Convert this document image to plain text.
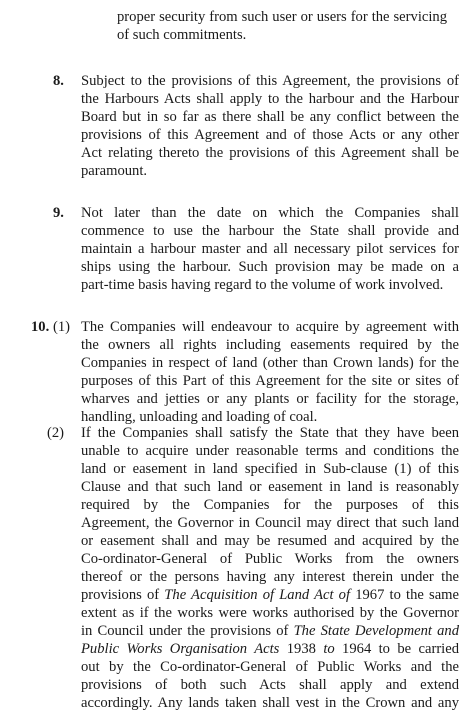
proper security from such user or users for the servicing
of such commitments.
8. Subject to the provisions of this Agreement, the provisions of
the Harbours Acts shall apply to the harbour and the Harbour
Board but in so far as there shall be any conflict between the
provisions of this Agreement and of those Acts or any other
Act relating thereto the provisions of this Agreement shall be
paramount.
9. Not later than the date on which the Companies shall
commence to use the harbour the State shall provide and
maintain a harbour master and all necessary pilot services for
ships using the harbour. Such provision may be made on a
part-time basis having regard to the volume of work involved.
10. (1) The Companies will endeavour to acquire by agreement with
the owners all rights including easements required by the
Companies in respect of land (other than Crown lands) for the
purposes of this Part of this Agreement for the site or sites of
wharves and jetties or any plants or facility for the storage,
handling, unloading and loading of coal.
(2) If the Companies shall satisfy the State that they have been
unable to acquire under reasonable terms and conditions the
land or easement in land specified in Sub-clause (1) of this
Clause and that such land or easement in land is reasonably
required by the Companies for the purposes of this
Agreement, the Governor in Council may direct that such land
or easement shall and may be resumed and acquired by the
Co-ordinator-General of Public Works from the owners
thereof or the persons having any interest therein under the
provisions of The Acquisition of Land Act of 1967 to the same
extent as if the works were works authorised by the Governor
in Council under the provisions of The State Development and
Public Works Organisation Acts 1938 to 1964 to be carried
out by the Co-ordinator-General of Public Works and the
provisions of both such Acts shall apply and extend
accordingly. Any lands taken shall vest in the Crown and any
